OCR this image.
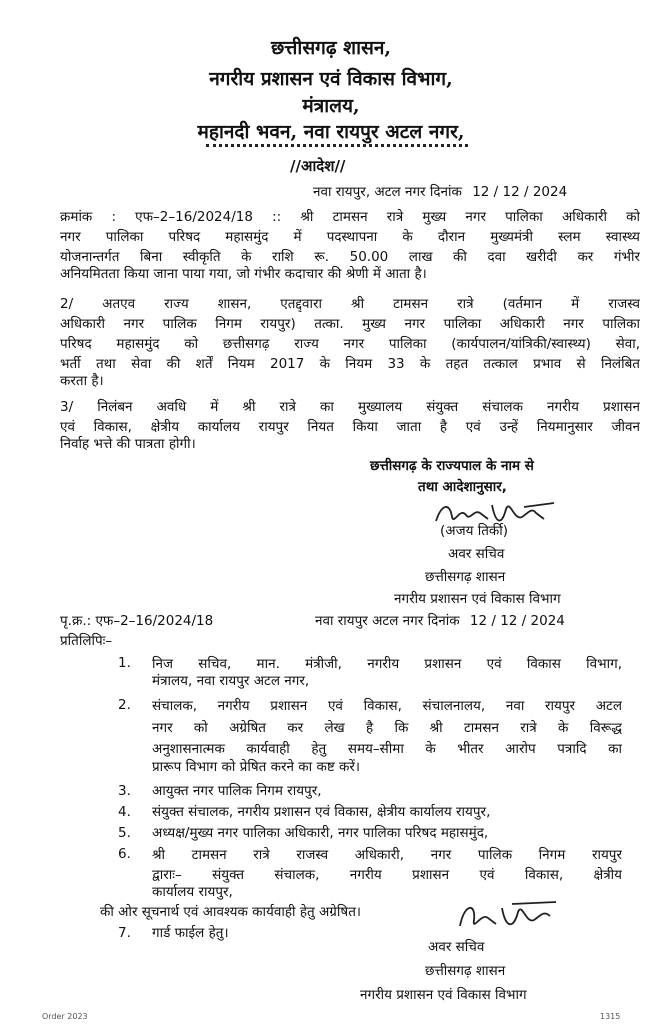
छत्तीसगढ़ शासन,
नगरीय प्रशासन एवं विकास विभाग,
मंत्रालय,
महानदी भवन, नवा रायपुर अटल नगर,
//आदेश//
नवा रायपुर, अटल नगर दिनांक 12 / 12 / 2024
क्रमांक : एफ–2–16/2024/18 :: श्री टामसन रात्रे मुख्य नगर पालिका अधिकारी को
नगर पालिका परिषद महासमुंद में पदस्थापना के दौरान मुख्यमंत्री स्लम स्वास्थ्य
योजनान्तर्गत बिना स्वीकृति के राशि रू. 50.00 लाख की दवा खरीदी कर गंभीर
अनियमितता किया जाना पाया गया, जो गंभीर कदाचार की श्रेणी में आता है।
2/ अतएव राज्य शासन, एतद्द्वारा श्री टामसन रात्रे (वर्तमान में राजस्व
अधिकारी नगर पालिक निगम रायपुर) तत्का. मुख्य नगर पालिका अधिकारी नगर पालिका
परिषद महासमुंद को छत्तीसगढ़ राज्य नगर पालिका (कार्यपालन/यांत्रिकी/स्वास्थ्य) सेवा,
भर्ती तथा सेवा की शर्तें नियम 2017 के नियम 33 के तहत तत्काल प्रभाव से निलंबित
करता है।
3/ निलंबन अवधि में श्री रात्रे का मुख्यालय संयुक्त संचालक नगरीय प्रशासन
एवं विकास, क्षेत्रीय कार्यालय रायपुर नियत किया जाता है एवं उन्हें नियमानुसार जीवन
निर्वाह भत्ते की पात्रता होगी।
छत्तीसगढ़ के राज्यपाल के नाम से
तथा आदेशानुसार,
(अजय तिर्की)
अवर सचिव
छत्तीसगढ़ शासन
नगरीय प्रशासन एवं विकास विभाग
पृ.क्र.: एफ–2–16/2024/18	नवा रायपुर अटल नगर दिनांक 12 / 12 / 2024
प्रतिलिपिः–
1. निज सचिव, मान. मंत्रीजी, नगरीय प्रशासन एवं विकास विभाग,
मंत्रालय, नवा रायपुर अटल नगर,
2. संचालक, नगरीय प्रशासन एवं विकास, संचालनालय, नवा रायपुर अटल
नगर को अग्रेषित कर लेख है कि श्री टामसन रात्रे के विरूद्ध
अनुशासनात्मक कार्यवाही हेतु समय–सीमा के भीतर आरोप पत्रादि का
प्रारूप विभाग को प्रेषित करने का कष्ट करें।
3. आयुक्त नगर पालिक निगम रायपुर,
4. संयुक्त संचालक, नगरीय प्रशासन एवं विकास, क्षेत्रीय कार्यालय रायपुर,
5. अध्यक्ष/मुख्य नगर पालिका अधिकारी, नगर पालिका परिषद महासमुंद,
6. श्री टामसन रात्रे राजस्व अधिकारी, नगर पालिक निगम रायपुर
द्वाराः– संयुक्त संचालक, नगरीय प्रशासन एवं विकास, क्षेत्रीय
कार्यालय रायपुर,
की ओर सूचनार्थ एवं आवश्यक कार्यवाही हेतु अग्रेषित।
7. गार्ड फाईल हेतु।
अवर सचिव
छत्तीसगढ़ शासन
नगरीय प्रशासन एवं विकास विभाग
Order 2023	1315
